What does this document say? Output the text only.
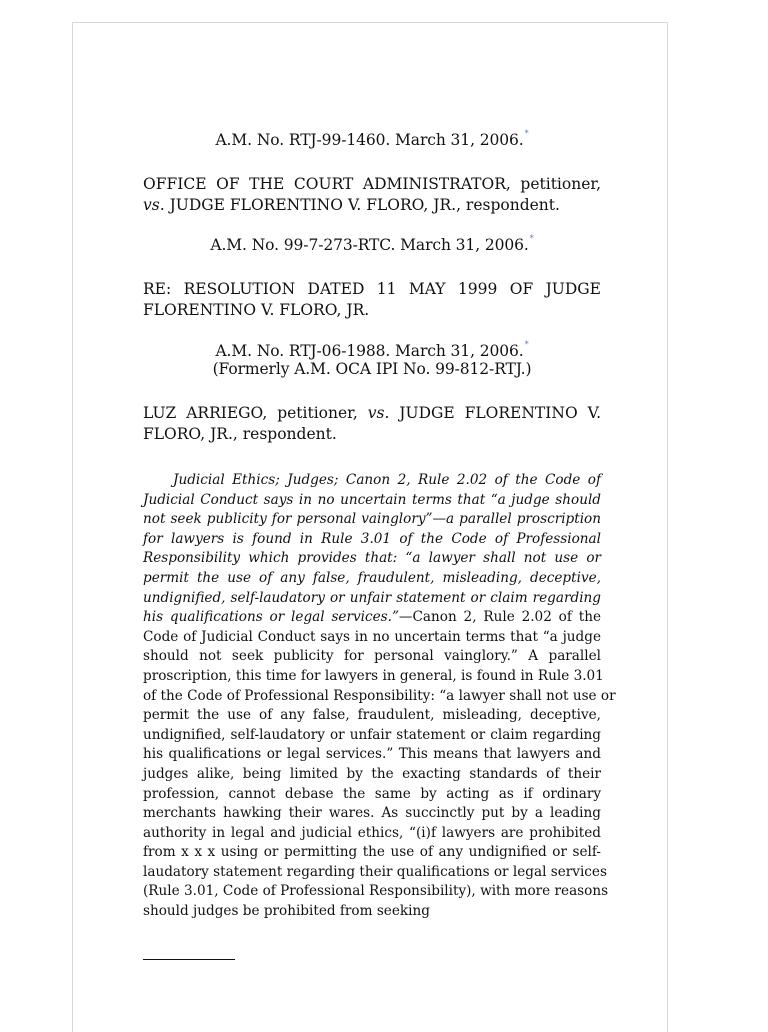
A.M. No. RTJ-99-1460. March 31, 2006.*
OFFICE OF THE COURT ADMINISTRATOR, petitioner,
vs. JUDGE FLORENTINO V. FLORO, JR., respondent.
A.M. No. 99-7-273-RTC. March 31, 2006.*
RE: RESOLUTION DATED 11 MAY 1999 OF JUDGE
FLORENTINO V. FLORO, JR.
A.M. No. RTJ-06-1988. March 31, 2006.*
(Formerly A.M. OCA IPI No. 99-812-RTJ.)
LUZ ARRIEGO, petitioner, vs. JUDGE FLORENTINO V.
FLORO, JR., respondent.
Judicial Ethics; Judges; Canon 2, Rule 2.02 of the Code of
Judicial Conduct says in no uncertain terms that “a judge should
not seek publicity for personal vainglory”—a parallel proscription
for lawyers is found in Rule 3.01 of the Code of Professional
Responsibility which provides that: “a lawyer shall not use or
permit the use of any false, fraudulent, misleading, deceptive,
undignified, self-laudatory or unfair statement or claim regarding
his qualifications or legal services.”—Canon 2, Rule 2.02 of the
Code of Judicial Conduct says in no uncertain terms that “a judge
should not seek publicity for personal vainglory.” A parallel
proscription, this time for lawyers in general, is found in Rule 3.01
of the Code of Professional Responsibility: “a lawyer shall not use or
permit the use of any false, fraudulent, misleading, deceptive,
undignified, self-laudatory or unfair statement or claim regarding
his qualifications or legal services.” This means that lawyers and
judges alike, being limited by the exacting standards of their
profession, cannot debase the same by acting as if ordinary
merchants hawking their wares. As succinctly put by a leading
authority in legal and judicial ethics, “(i)f lawyers are prohibited
from x x x using or permitting the use of any undignified or self-
laudatory statement regarding their qualifications or legal services
(Rule 3.01, Code of Professional Responsibility), with more reasons
should judges be prohibited from seeking
